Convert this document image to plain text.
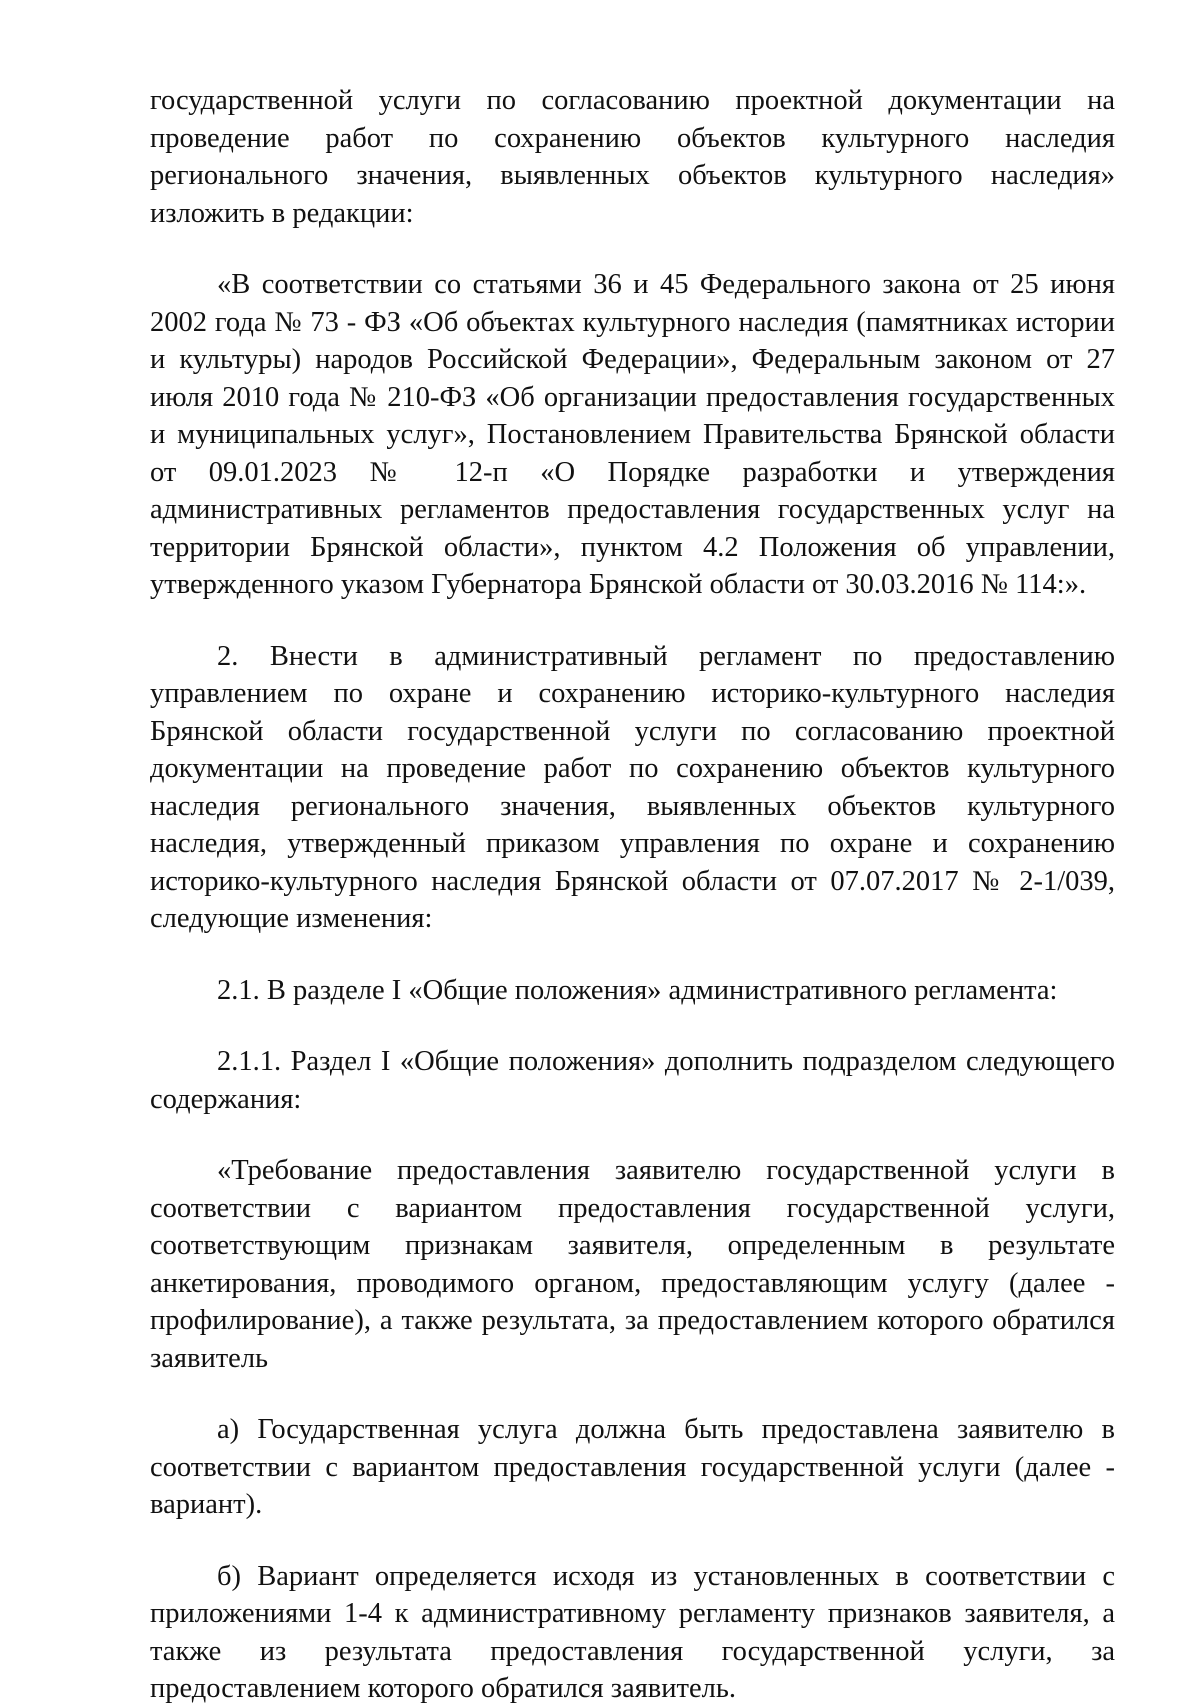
государственной услуги по согласованию проектной документации на проведение работ по сохранению объектов культурного наследия регионального значения, выявленных объектов культурного наследия» изложить в редакции:

«В соответствии со статьями 36 и 45 Федерального закона от 25 июня 2002 года № 73 - ФЗ «Об объектах культурного наследия (памятниках истории и культуры) народов Российской Федерации», Федеральным законом от 27 июля 2010 года № 210-ФЗ «Об организации предоставления государственных и муниципальных услуг», Постановлением Правительства Брянской области от 09.01.2023 № 12-п «О Порядке разработки и утверждения административных регламентов предоставления государственных услуг на территории Брянской области», пунктом 4.2 Положения об управлении, утвержденного указом Губернатора Брянской области от 30.03.2016 № 114:».

2. Внести в административный регламент по предоставлению управлением по охране и сохранению историко-культурного наследия Брянской области государственной услуги по согласованию проектной документации на проведение работ по сохранению объектов культурного наследия регионального значения, выявленных объектов культурного наследия, утвержденный приказом управления по охране и сохранению историко-культурного наследия Брянской области от 07.07.2017 № 2-1/039, следующие изменения:

2.1. В разделе I «Общие положения» административного регламента:

2.1.1. Раздел I «Общие положения» дополнить подразделом следующего содержания:

«Требование предоставления заявителю государственной услуги в соответствии с вариантом предоставления государственной услуги, соответствующим признакам заявителя, определенным в результате анкетирования, проводимого органом, предоставляющим услугу (далее - профилирование), а также результата, за предоставлением которого обратился заявитель

а) Государственная услуга должна быть предоставлена заявителю в соответствии с вариантом предоставления государственной услуги (далее - вариант).

б) Вариант определяется исходя из установленных в соответствии с приложениями 1-4 к административному регламенту признаков заявителя, а также из результата предоставления государственной услуги, за предоставлением которого обратился заявитель.
